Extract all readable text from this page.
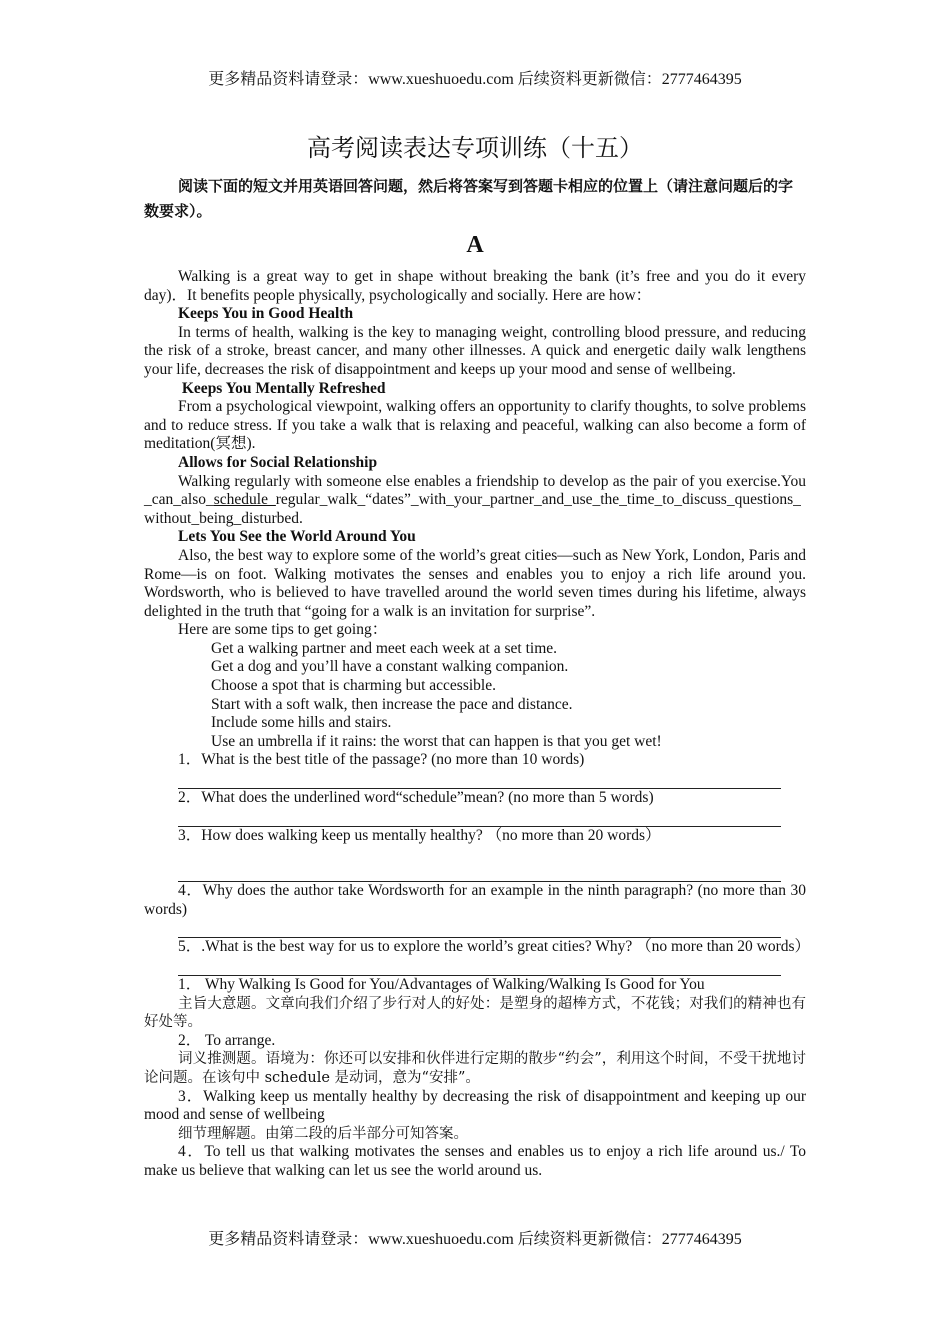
更多精品资料请登录：www.xueshuoedu.com 后续资料更新微信：2777464395
高考阅读表达专项训练（十五）

阅读下面的短文并用英语回答问题，然后将答案写到答题卡相应的位置上（请注意问题后的字数要求）。

A

Walking is a great way to get in shape without breaking the bank (it’s free and you do it every day)．It benefits people physically, psychologically and socially. Here are how：

Keeps You in Good Health

In terms of health, walking is the key to managing weight, controlling blood pressure, and reducing the risk of a stroke, breast cancer, and many other illnesses. A quick and energetic daily walk lengthens your life, decreases the risk of disappointment and keeps up your mood and sense of wellbeing.

Keeps You Mentally Refreshed

From a psychological viewpoint, walking offers an opportunity to clarify thoughts, to solve problems and to reduce stress. If you take a walk that is relaxing and peaceful, walking can also become a form of meditation(冥想).

Allows for Social Relationship

Walking regularly with someone else enables a friendship to develop as the pair of you exercise.You_can_also_schedule_regular_walk_“dates”_with_your_partner_and_use_the_time_to_discuss_questions_without_being_disturbed.

Lets You See the World Around You

Also, the best way to explore some of the world’s great cities—such as New York, London, Paris and Rome—is on foot. Walking motivates the senses and enables you to enjoy a rich life around you. Wordsworth, who is believed to have travelled around the world seven times during his lifetime, always delighted in the truth that “going for a walk is an invitation for surprise”.

Here are some tips to get going：

Get a walking partner and meet each week at a set time.

Get a dog and you’ll have a constant walking companion.

Choose a spot that is charming but accessible.

Start with a soft walk, then increase the pace and distance.

Include some hills and stairs.

Use an umbrella if it rains: the worst that can happen is that you get wet!

1．What is the best title of the passage? (no more than 10 words)

2．What does the underlined word“schedule”mean? (no more than 5 words)

3．How does walking keep us mentally healthy? （no more than 20 words）

4．Why does the author take Wordsworth for an example in the ninth paragraph? (no more than 30 words)

5．.What is the best way for us to explore the world’s great cities? Why? （no more than 20 words）

1． Why Walking Is Good for You/Advantages of Walking/Walking Is Good for You

主旨大意题。文章向我们介绍了步行对人的好处：是塑身的超棒方式，不花钱；对我们的精神也有好处等。

2． To arrange.

词义推测题。语境为：你还可以安排和伙伴进行定期的散步“约会”，利用这个时间，不受干扰地讨论问题。在该句中 schedule 是动词，意为“安排”。

3．Walking keep us mentally healthy by decreasing the risk of disappointment and keeping up our mood and sense of wellbeing

细节理解题。由第二段的后半部分可知答案。

4．To tell us that walking motivates the senses and enables us to enjoy a rich life around us./ To make us believe that walking can let us see the world around us.

更多精品资料请登录：www.xueshuoedu.com 后续资料更新微信：2777464395
